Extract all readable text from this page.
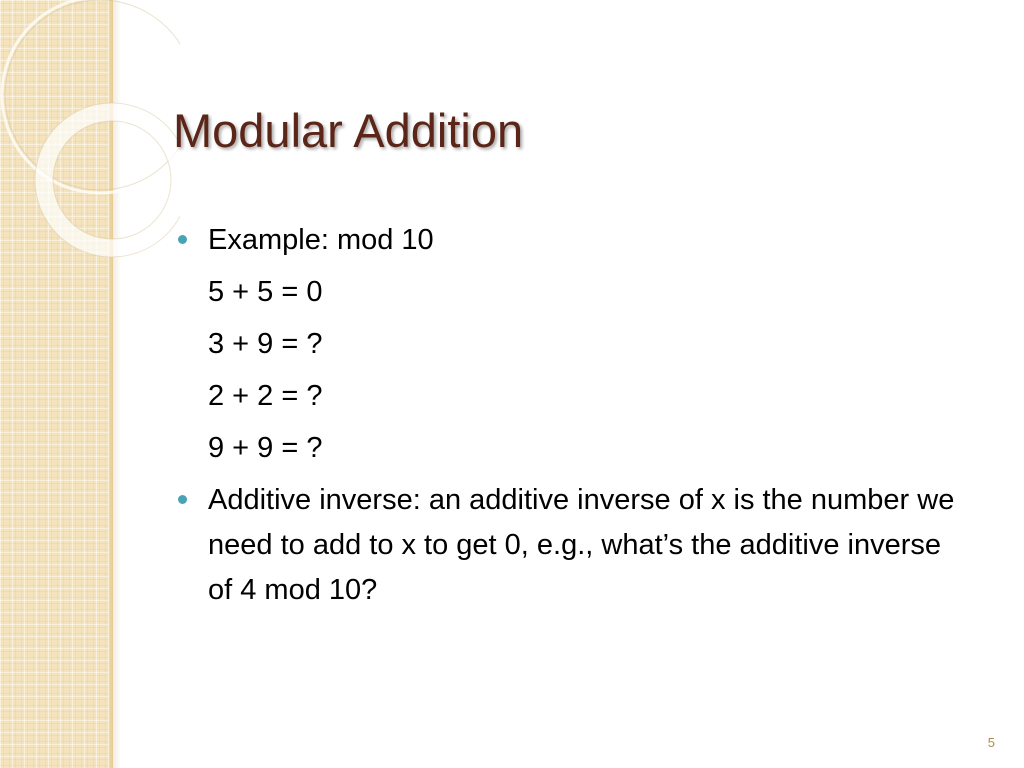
Modular Addition
Example: mod 10
5 + 5 = 0
3 + 9 = ?
2 + 2 = ?
9 + 9 = ?
Additive inverse: an additive inverse of x is the number we need to add to x to get 0, e.g., what’s the additive inverse of 4 mod 10?
5
